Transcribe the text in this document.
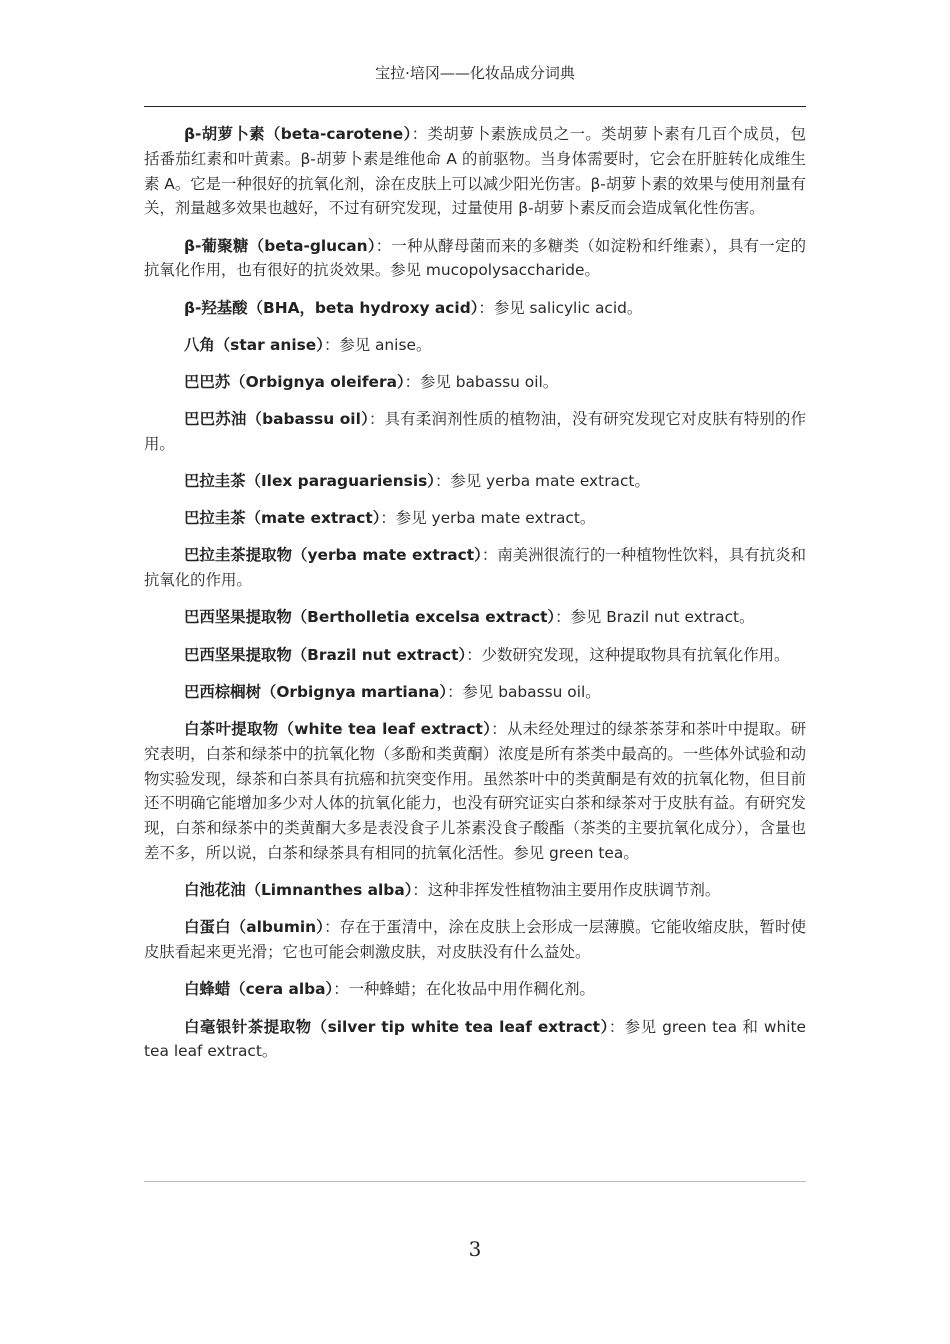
宝拉·培冈——化妆品成分词典

β-胡萝卜素（beta-carotene）：类胡萝卜素族成员之一。类胡萝卜素有几百个成员，包括番茄红素和叶黄素。β-胡萝卜素是维他命 A 的前驱物。当身体需要时，它会在肝脏转化成维生素 A。它是一种很好的抗氧化剂，涂在皮肤上可以减少阳光伤害。β-胡萝卜素的效果与使用剂量有关，剂量越多效果也越好，不过有研究发现，过量使用 β-胡萝卜素反而会造成氧化性伤害。

β-葡聚糖（beta-glucan）：一种从酵母菌而来的多糖类（如淀粉和纤维素），具有一定的抗氧化作用，也有很好的抗炎效果。参见 mucopolysaccharide。

β-羟基酸（BHA，beta hydroxy acid）：参见 salicylic acid。

八角（star anise）：参见 anise。

巴巴苏（Orbignya oleifera）：参见 babassu oil。

巴巴苏油（babassu oil）：具有柔润剂性质的植物油，没有研究发现它对皮肤有特别的作用。

巴拉圭茶（Ilex paraguariensis）：参见 yerba mate extract。

巴拉圭茶（mate extract）：参见 yerba mate extract。

巴拉圭茶提取物（yerba mate extract）：南美洲很流行的一种植物性饮料，具有抗炎和抗氧化的作用。

巴西坚果提取物（Bertholletia excelsa extract）：参见 Brazil nut extract。

巴西坚果提取物（Brazil nut extract）：少数研究发现，这种提取物具有抗氧化作用。

巴西棕榈树（Orbignya martiana）：参见 babassu oil。

白茶叶提取物（white tea leaf extract）：从未经处理过的绿茶茶芽和茶叶中提取。研究表明，白茶和绿茶中的抗氧化物（多酚和类黄酮）浓度是所有茶类中最高的。一些体外试验和动物实验发现，绿茶和白茶具有抗癌和抗突变作用。虽然茶叶中的类黄酮是有效的抗氧化物，但目前还不明确它能增加多少对人体的抗氧化能力，也没有研究证实白茶和绿茶对于皮肤有益。有研究发现，白茶和绿茶中的类黄酮大多是表没食子儿茶素没食子酸酯（茶类的主要抗氧化成分），含量也差不多，所以说，白茶和绿茶具有相同的抗氧化活性。参见 green tea。

白池花油（Limnanthes alba）：这种非挥发性植物油主要用作皮肤调节剂。

白蛋白（albumin）：存在于蛋清中，涂在皮肤上会形成一层薄膜。它能收缩皮肤，暂时使皮肤看起来更光滑；它也可能会刺激皮肤，对皮肤没有什么益处。

白蜂蜡（cera alba）：一种蜂蜡；在化妆品中用作稠化剂。

白毫银针茶提取物（silver tip white tea leaf extract）：参见 green tea 和 white tea leaf extract。

3
